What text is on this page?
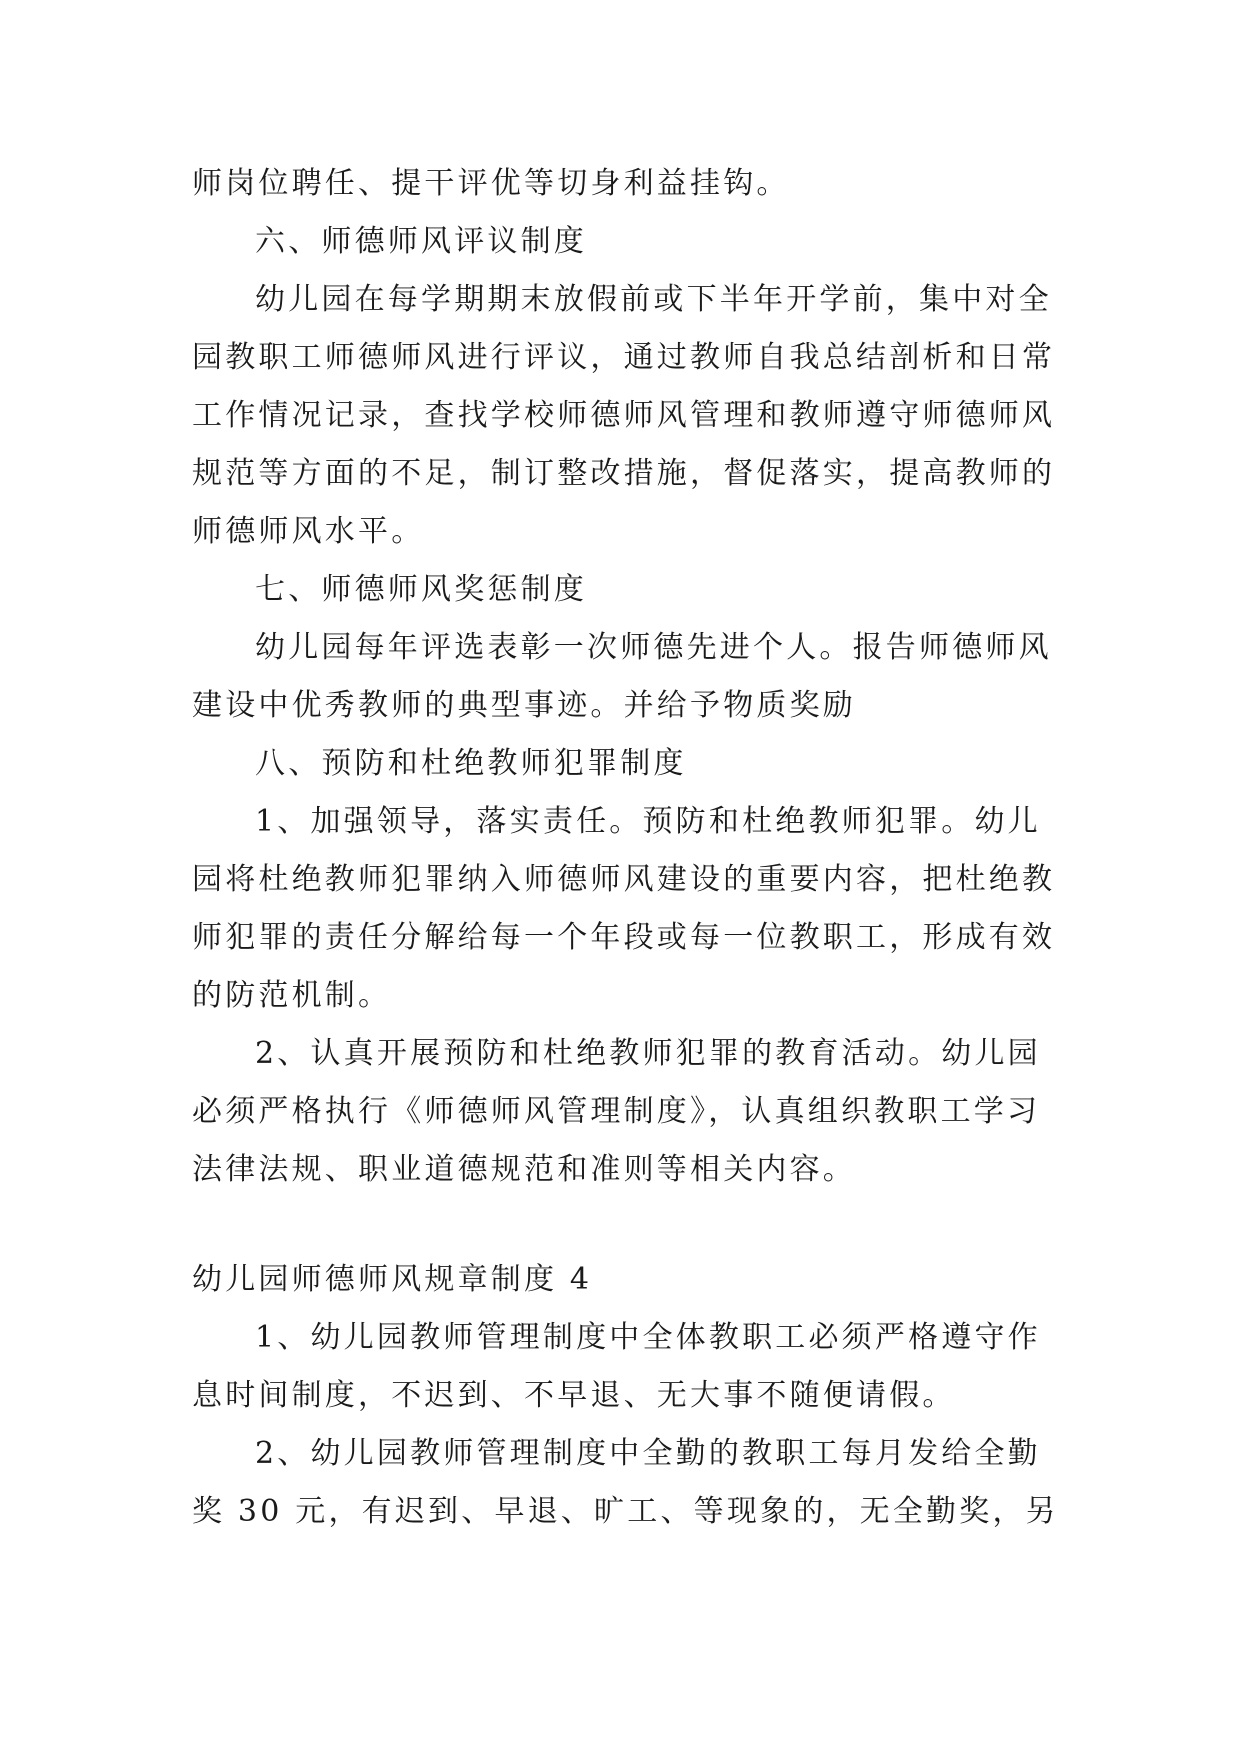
师岗位聘任、提干评优等切身利益挂钩。
六、师德师风评议制度
幼儿园在每学期期末放假前或下半年开学前，集中对全
园教职工师德师风进行评议，通过教师自我总结剖析和日常
工作情况记录，查找学校师德师风管理和教师遵守师德师风
规范等方面的不足，制订整改措施，督促落实，提高教师的
师德师风水平。
七、师德师风奖惩制度
幼儿园每年评选表彰一次师德先进个人。报告师德师风
建设中优秀教师的典型事迹。并给予物质奖励
八、预防和杜绝教师犯罪制度
1、加强领导，落实责任。预防和杜绝教师犯罪。幼儿
园将杜绝教师犯罪纳入师德师风建设的重要内容，把杜绝教
师犯罪的责任分解给每一个年段或每一位教职工，形成有效
的防范机制。
2、认真开展预防和杜绝教师犯罪的教育活动。幼儿园
必须严格执行《师德师风管理制度》，认真组织教职工学习
法律法规、职业道德规范和准则等相关内容。
幼儿园师德师风规章制度 4
1、幼儿园教师管理制度中全体教职工必须严格遵守作
息时间制度，不迟到、不早退、无大事不随便请假。
2、幼儿园教师管理制度中全勤的教职工每月发给全勤
奖 30 元，有迟到、早退、旷工、等现象的，无全勤奖，另
